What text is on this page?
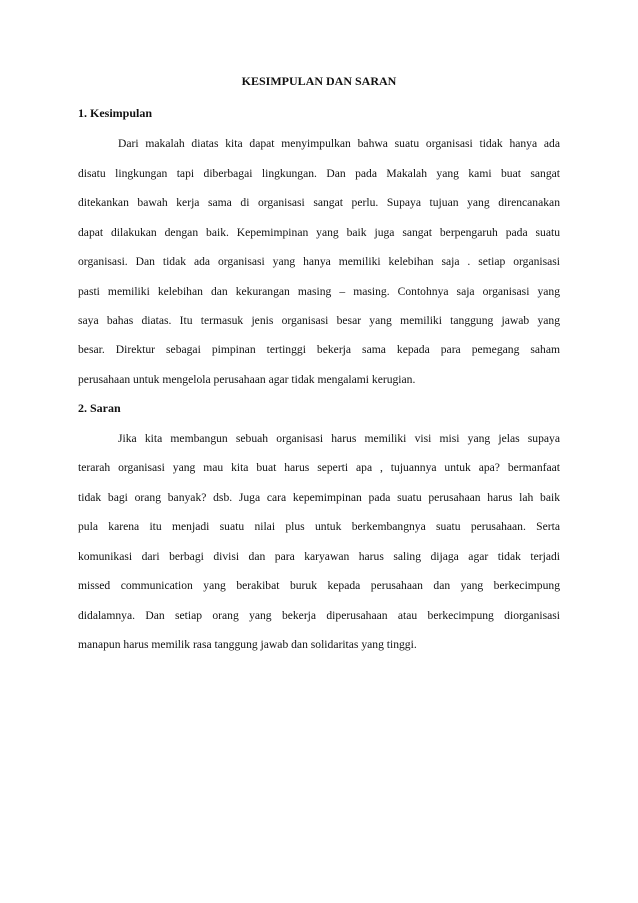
KESIMPULAN DAN SARAN
1. Kesimpulan
Dari makalah diatas kita dapat menyimpulkan bahwa suatu organisasi tidak hanya ada
disatu lingkungan tapi diberbagai lingkungan. Dan pada Makalah yang kami buat sangat
ditekankan bawah kerja sama di organisasi sangat perlu. Supaya tujuan yang direncanakan
dapat dilakukan dengan baik. Kepemimpinan yang baik juga sangat berpengaruh pada suatu
organisasi. Dan tidak ada organisasi yang hanya memiliki kelebihan saja . setiap organisasi
pasti memiliki kelebihan dan kekurangan masing – masing. Contohnya saja organisasi yang
saya bahas diatas. Itu termasuk jenis organisasi besar yang memiliki tanggung jawab yang
besar. Direktur sebagai pimpinan tertinggi bekerja sama kepada para pemegang saham
perusahaan untuk mengelola perusahaan agar tidak mengalami kerugian.
2. Saran
Jika kita membangun sebuah organisasi harus memiliki visi misi yang jelas supaya
terarah organisasi yang mau kita buat harus seperti apa , tujuannya untuk apa? bermanfaat
tidak bagi orang banyak? dsb. Juga cara kepemimpinan pada suatu perusahaan harus lah baik
pula karena itu menjadi suatu nilai plus untuk berkembangnya suatu perusahaan. Serta
komunikasi dari berbagi divisi dan para karyawan harus saling dijaga agar tidak terjadi
missed communication yang berakibat buruk kepada perusahaan dan yang berkecimpung
didalamnya. Dan setiap orang yang bekerja diperusahaan atau berkecimpung diorganisasi
manapun harus memilik rasa tanggung jawab dan solidaritas yang tinggi.
